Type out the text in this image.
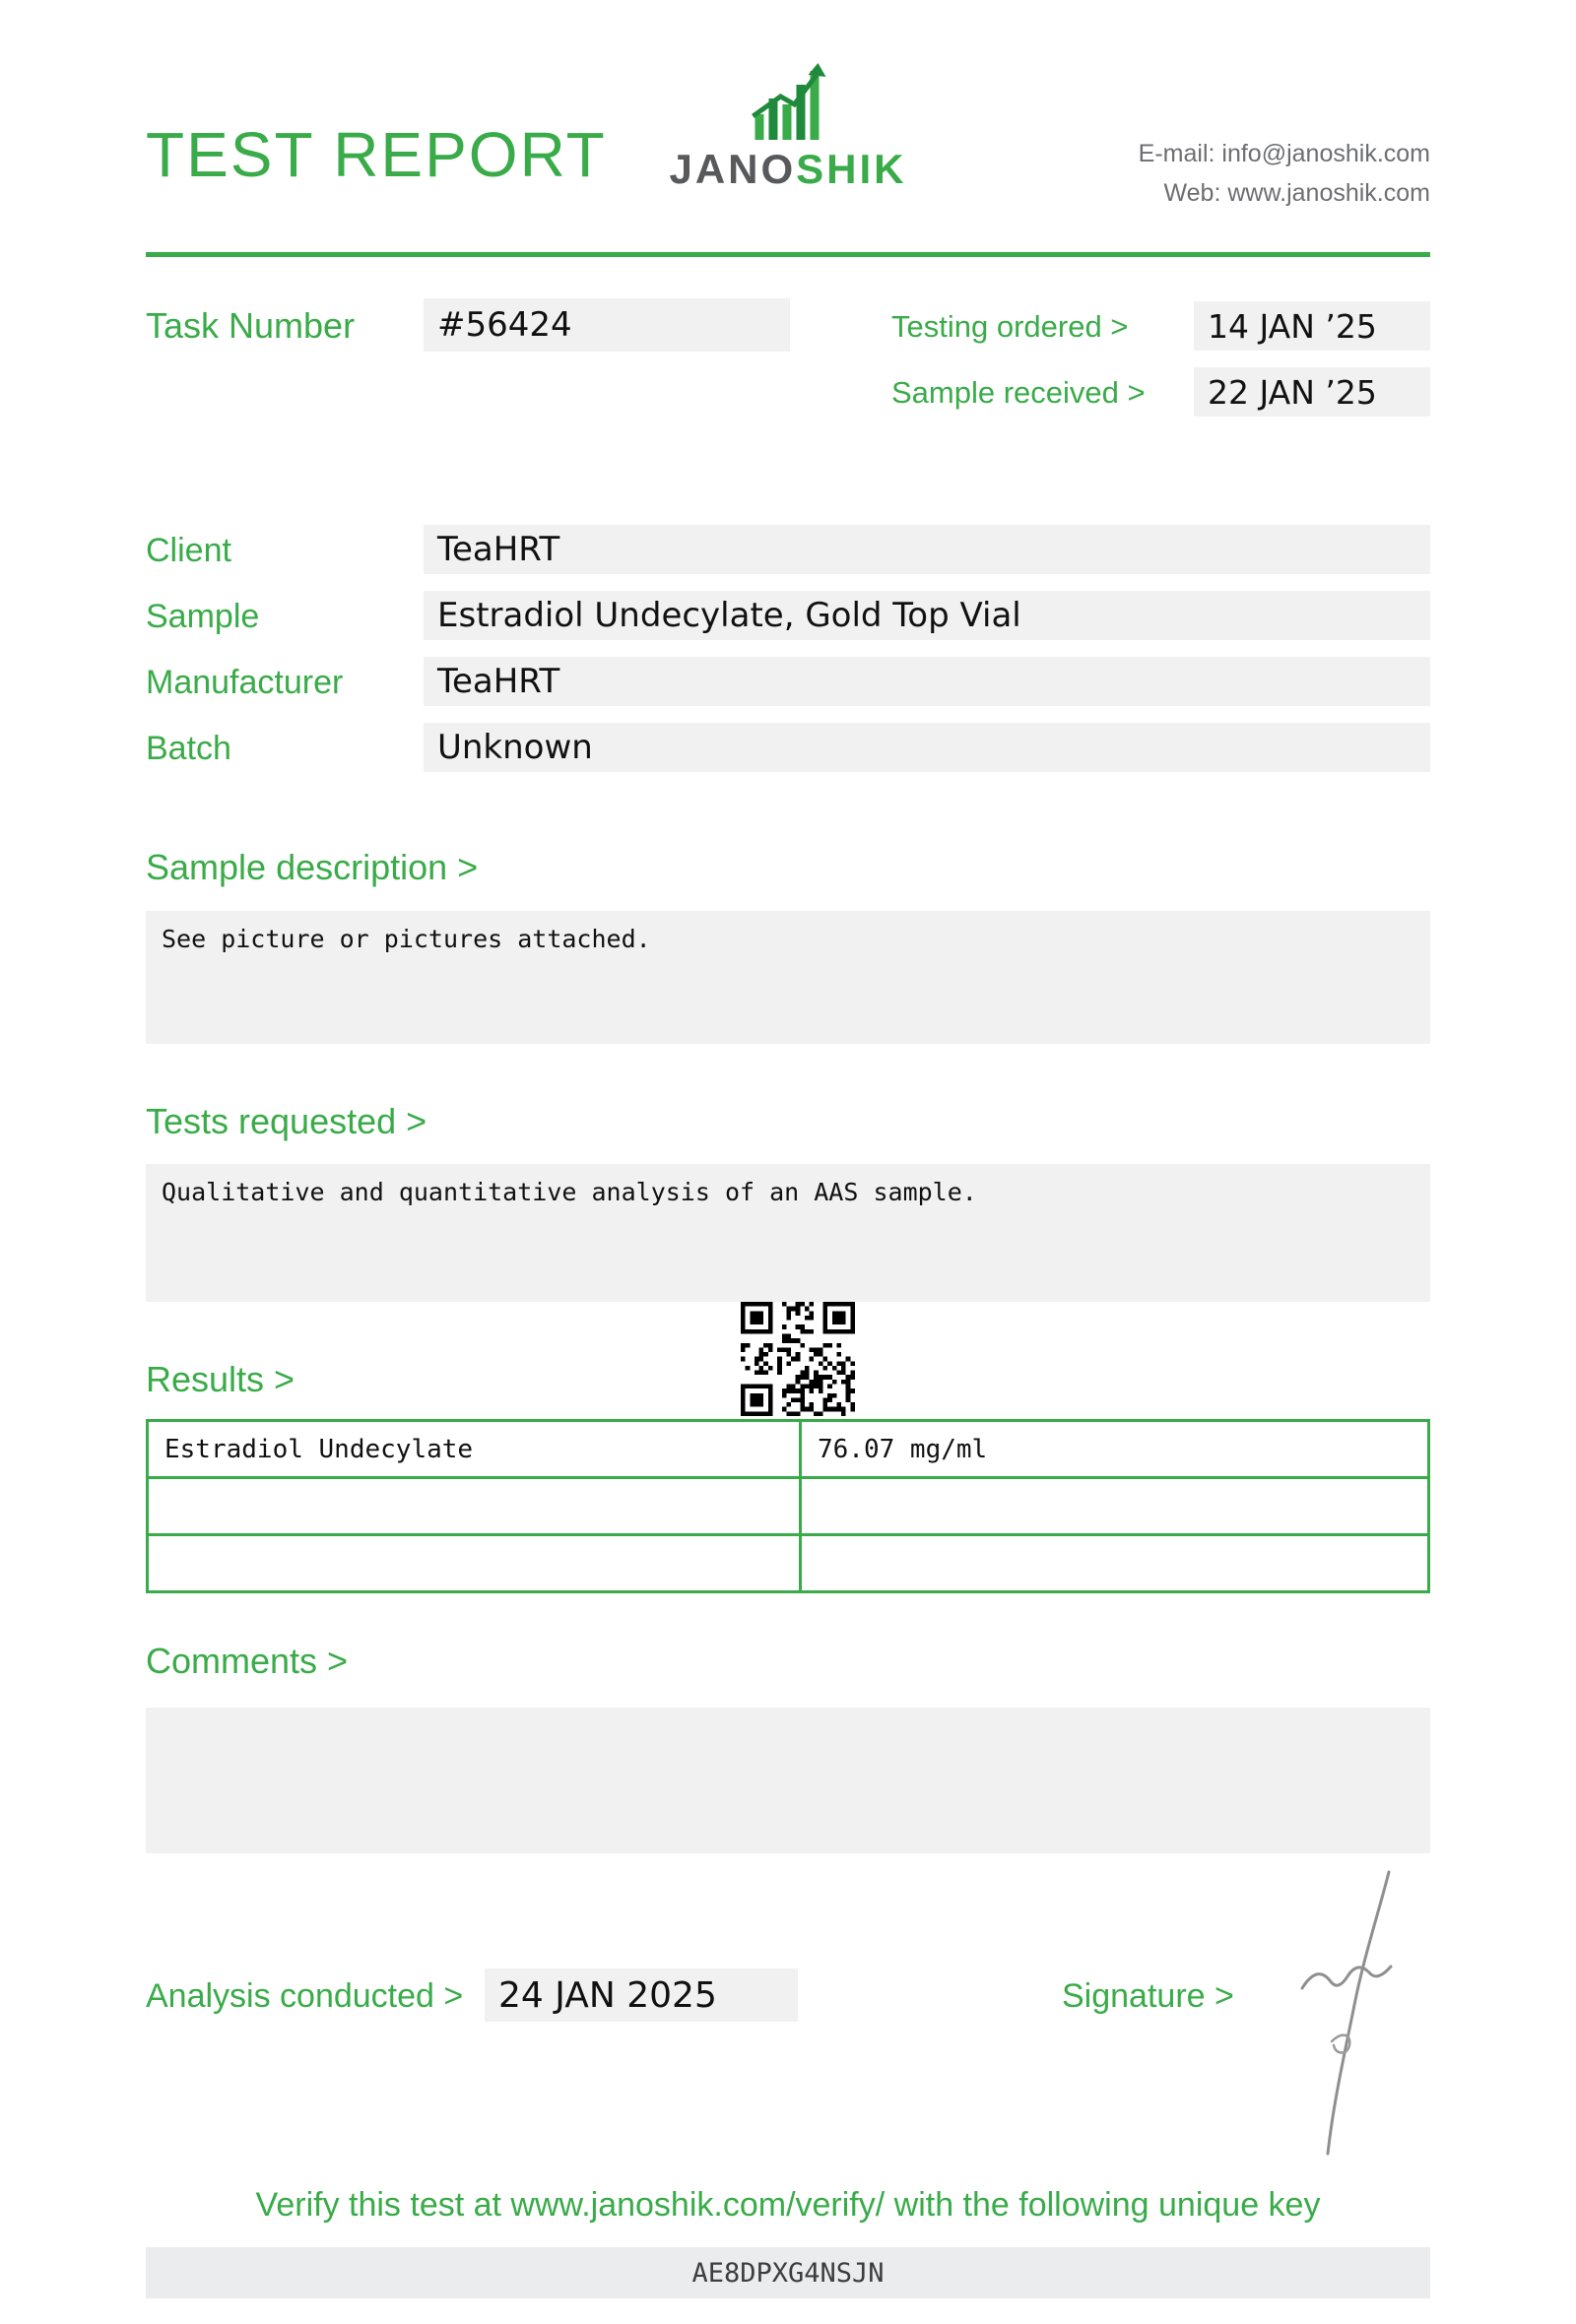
TEST REPORT JANOSHIK	E-mail: info@janoshik.com
Web: www.janoshik.com
Task Number	#56424	Testing ordered >	14 JAN ’25
Sample received >	22 JAN ’25
Client	TeaHRT
Sample	Estradiol Undecylate, Gold Top Vial
Manufacturer	TeaHRT
Batch	Unknown
Sample description >
See picture or pictures attached.
Tests requested >
Qualitative and quantitative analysis of an AAS sample.
Results >
Estradiol Undecylate	76.07 mg/ml

Comments >
Analysis conducted > 24 JAN 2025	Signature >
Verify this test at www.janoshik.com/verify/ with the following unique key
AE8DPXG4NSJN
